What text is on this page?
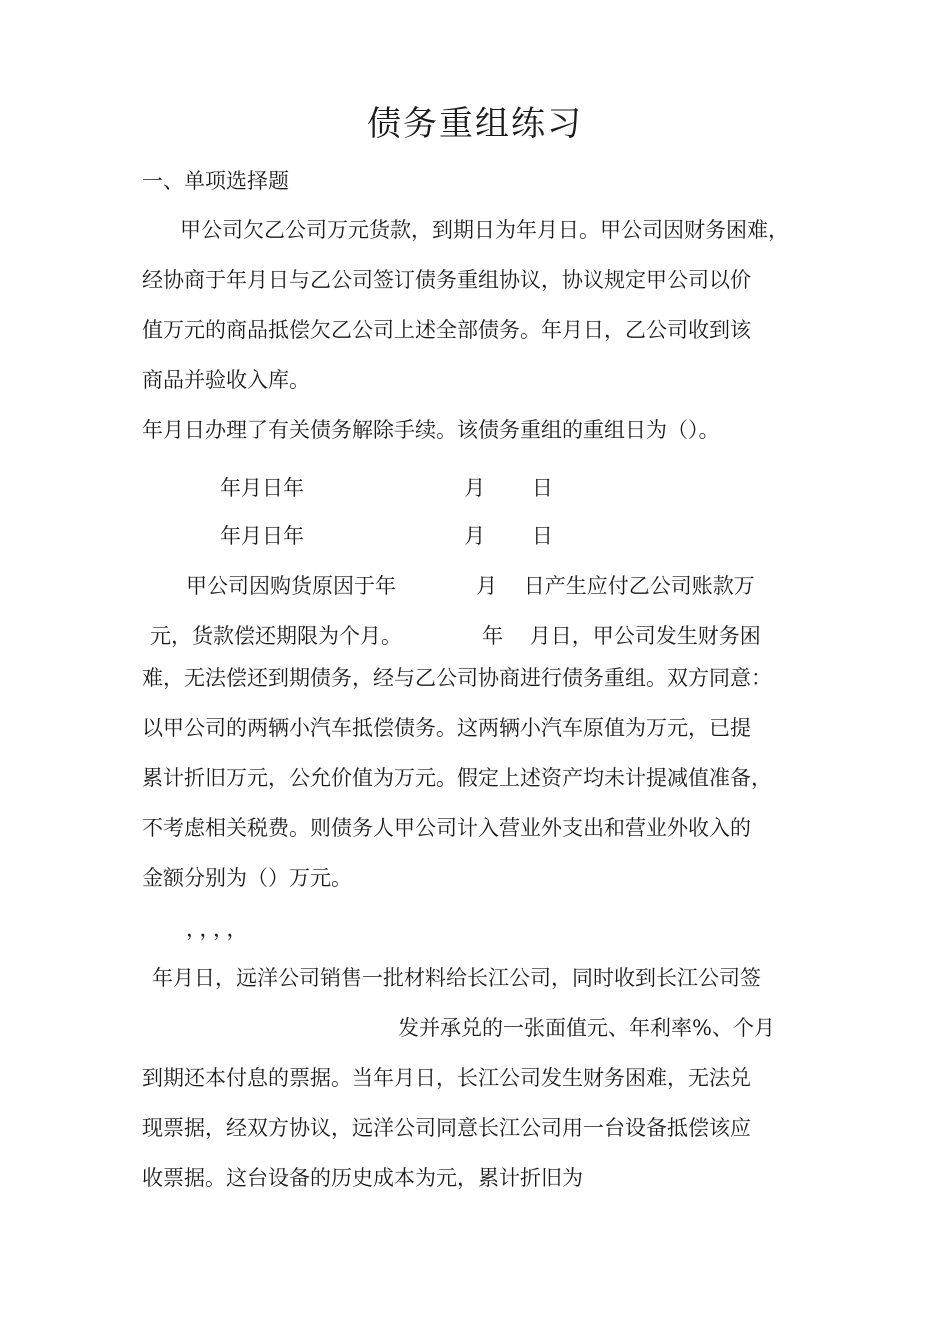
债务重组练习
一、单项选择题
甲公司欠乙公司万元货款，到期日为年月日。甲公司因财务困难，
经协商于年月日与乙公司签订债务重组协议，协议规定甲公司以价
值万元的商品抵偿欠乙公司上述全部债务。年月日，乙公司收到该
商品并验收入库。
年月日办理了有关债务解除手续。该债务重组的重组日为（）。
年月日年                        月       日
年月日年                        月       日
甲公司因购货原因于年            月    日产生应付乙公司账款万
元，货款偿还期限为个月。            年    月日，甲公司发生财务困
难，无法偿还到期债务，经与乙公司协商进行债务重组。双方同意：
以甲公司的两辆小汽车抵偿债务。这两辆小汽车原值为万元，已提
累计折旧万元，公允价值为万元。假定上述资产均未计提减值准备，
不考虑相关税费。则债务人甲公司计入营业外支出和营业外收入的
金额分别为（）万元。
，，，，
年月日，远洋公司销售一批材料给长江公司，同时收到长江公司签
发并承兑的一张面值元、年利率%、个月
到期还本付息的票据。当年月日，长江公司发生财务困难，无法兑
现票据，经双方协议，远洋公司同意长江公司用一台设备抵偿该应
收票据。这台设备的历史成本为元，累计折旧为
